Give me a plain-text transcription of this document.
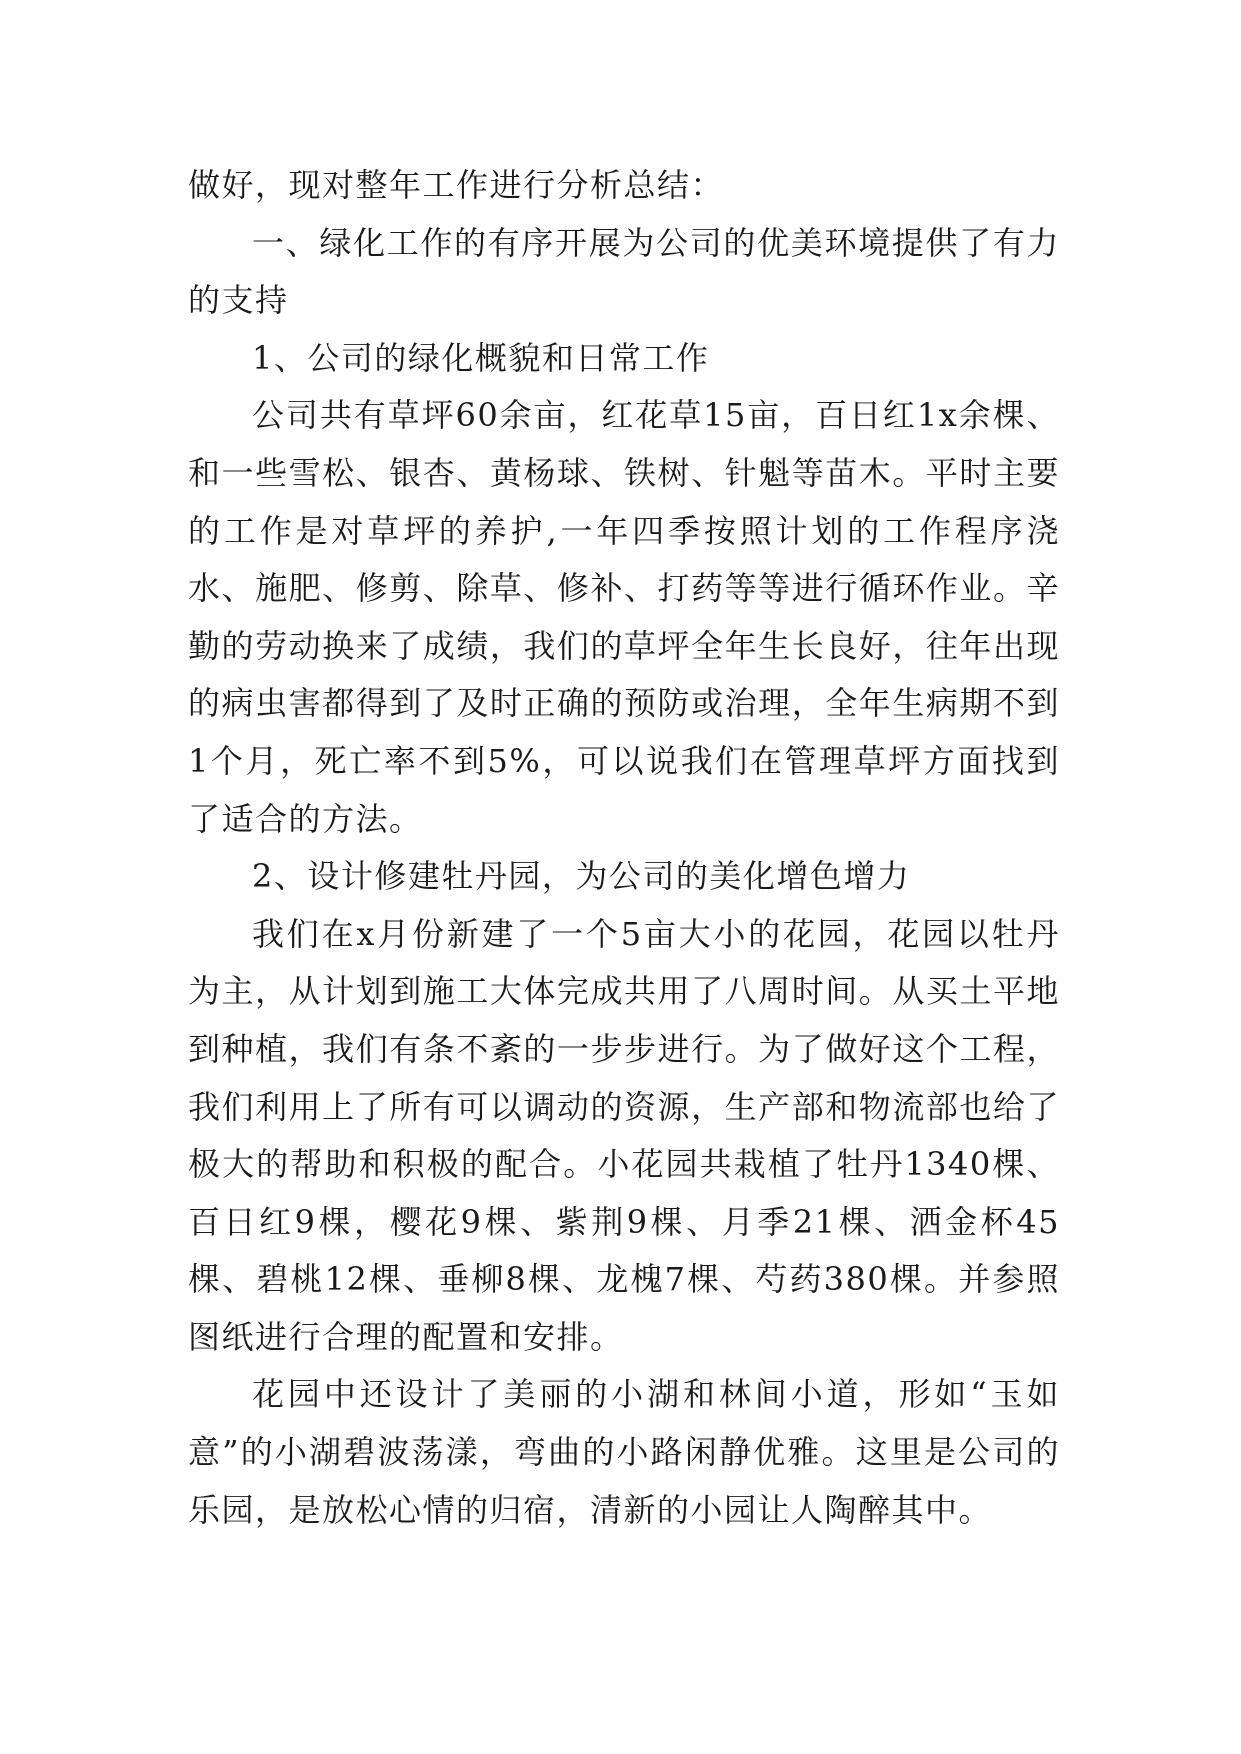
做好，现对整年工作进行分析总结：

一、绿化工作的有序开展为公司的优美环境提供了有力的支持

1、公司的绿化概貌和日常工作

公司共有草坪60余亩，红花草15亩，百日红1x余棵、和一些雪松、银杏、黄杨球、铁树、针魁等苗木。平时主要的工作是对草坪的养护,一年四季按照计划的工作程序浇水、施肥、修剪、除草、修补、打药等等进行循环作业。辛勤的劳动换来了成绩，我们的草坪全年生长良好，往年出现的病虫害都得到了及时正确的预防或治理，全年生病期不到1个月，死亡率不到5%，可以说我们在管理草坪方面找到了适合的方法。

2、设计修建牡丹园，为公司的美化增色增力

我们在x月份新建了一个5亩大小的花园，花园以牡丹为主，从计划到施工大体完成共用了八周时间。从买土平地到种植，我们有条不紊的一步步进行。为了做好这个工程，我们利用上了所有可以调动的资源，生产部和物流部也给了极大的帮助和积极的配合。小花园共栽植了牡丹1340棵、百日红9棵，樱花9棵、紫荆9棵、月季21棵、洒金杯45棵、碧桃12棵、垂柳8棵、龙槐7棵、芍药380棵。并参照图纸进行合理的配置和安排。

花园中还设计了美丽的小湖和林间小道，形如“玉如意”的小湖碧波荡漾，弯曲的小路闲静优雅。这里是公司的乐园，是放松心情的归宿，清新的小园让人陶醉其中。
